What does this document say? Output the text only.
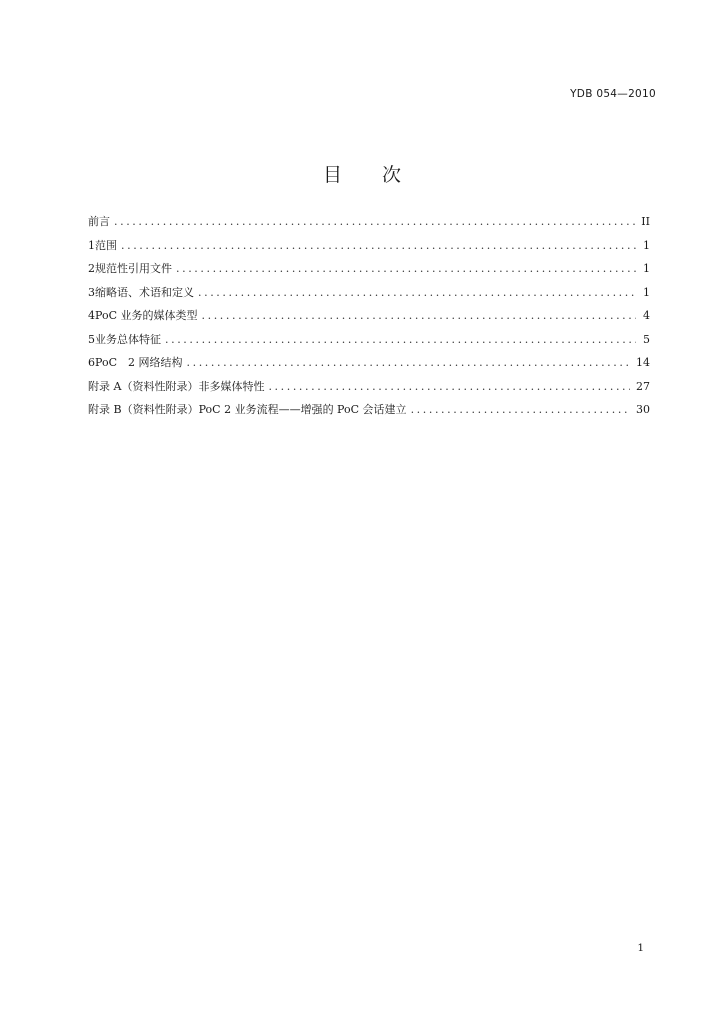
YDB 054—2010
目 次
前言 .....	II
1 范围 .....	1
2 规范性引用文件 .....	1
3 缩略语、术语和定义 .....	1
4 PoC 业务的媒体类型 .....	4
5 业务总体特征 .....	5
6 PoC　2 网络结构 .....	14
附录 A（资料性附录）非多媒体特性 .....	27
附录 B（资料性附录）PoC 2 业务流程——增强的 PoC 会话建立 .....	30
1
